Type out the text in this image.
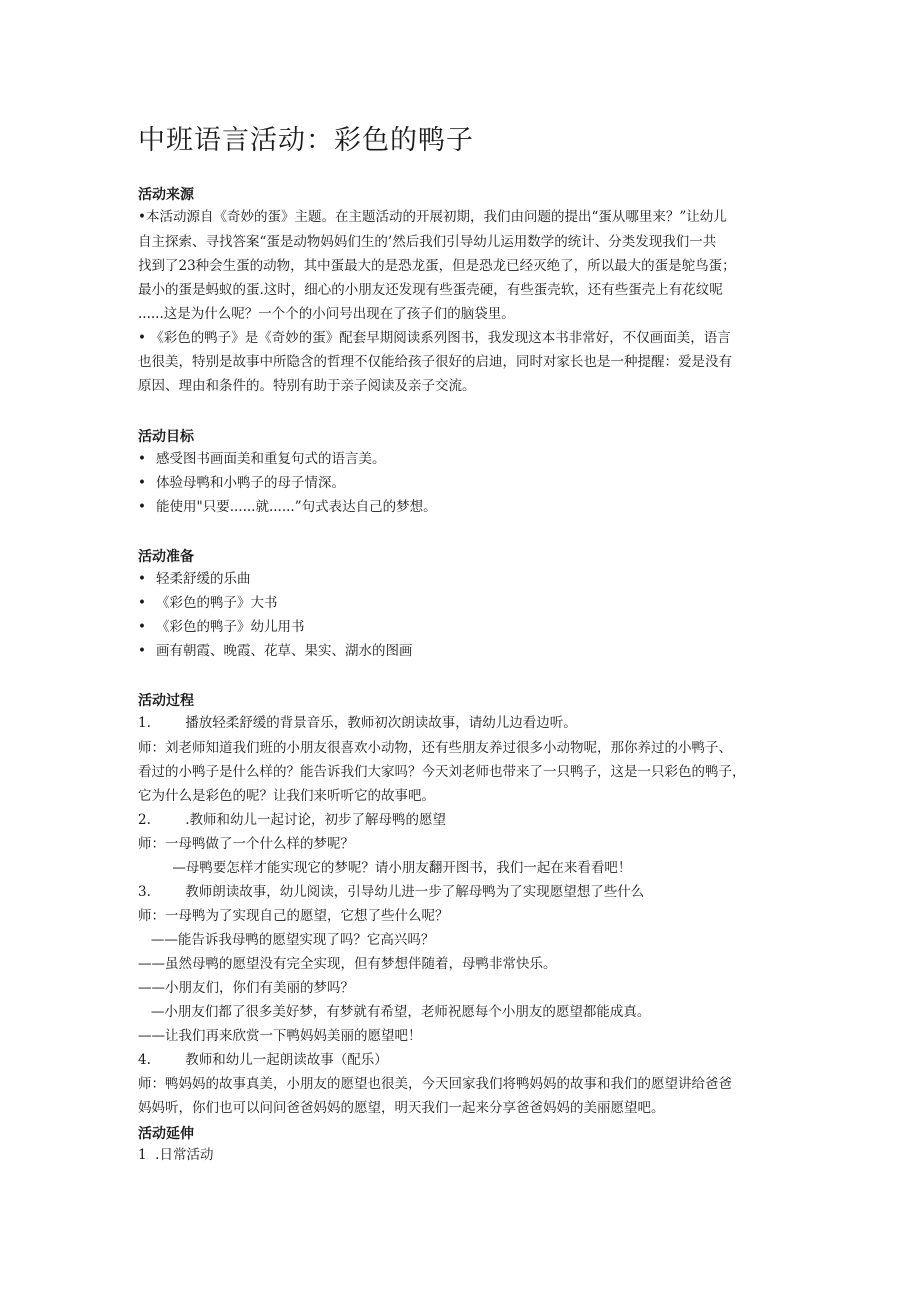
中班语言活动：彩色的鸭子
活动来源
•本活动源自《奇妙的蛋》主题。在主题活动的开展初期，我们由问题的提出“蛋从哪里来？”让幼儿
自主探索、寻找答案“蛋是动物妈妈们生的’然后我们引导幼儿运用数学的统计、分类发现我们一共
找到了23种会生蛋的动物，其中蛋最大的是恐龙蛋，但是恐龙已经灭绝了，所以最大的蛋是鸵鸟蛋；
最小的蛋是蚂蚁的蛋.这时，细心的小朋友还发现有些蛋壳硬，有些蛋壳软，还有些蛋壳上有花纹呢
......这是为什么呢？一个个的小问号出现在了孩子们的脑袋里。
• 《彩色的鸭子》是《奇妙的蛋》配套早期阅读系列图书，我发现这本书非常好，不仅画面美，语言
也很美，特别是故事中所隐含的哲理不仅能给孩子很好的启迪，同时对家长也是一种提醒：爱是没有
原因、理由和条件的。特别有助于亲子阅读及亲子交流。
活动目标
• 感受图书画面美和重复句式的语言美。
• 体验母鸭和小鸭子的母子情深。
• 能使用"只要......就......”句式表达自己的梦想。
活动准备
• 轻柔舒缓的乐曲
• 《彩色的鸭子》大书
• 《彩色的鸭子》幼儿用书
• 画有朝霞、晚霞、花草、果实、湖水的图画
活动过程
1.        播放轻柔舒缓的背景音乐，教师初次朗读故事，请幼儿边看边听。
师：刘老师知道我们班的小朋友很喜欢小动物，还有些朋友养过很多小动物呢，那你养过的小鸭子、
看过的小鸭子是什么样的？能告诉我们大家吗？今天刘老师也带来了一只鸭子，这是一只彩色的鸭子，
它为什么是彩色的呢？让我们来听听它的故事吧。
2.        .教师和幼儿一起讨论，初步了解母鸭的愿望
师：一母鸭做了一个什么样的梦呢？
—母鸭要怎样才能实现它的梦呢？请小朋友翻开图书，我们一起在来看看吧！
3.        教师朗读故事，幼儿阅读，引导幼儿进一步了解母鸭为了实现愿望想了些什么
师：一母鸭为了实现自己的愿望，它想了些什么呢？
——能告诉我母鸭的愿望实现了吗？它高兴吗？
——虽然母鸭的愿望没有完全实现，但有梦想伴随着，母鸭非常快乐。
——小朋友们，你们有美丽的梦吗？
—小朋友们都了很多美好梦，有梦就有希望，老师祝愿每个小朋友的愿望都能成真。
——让我们再来欣赏一下鸭妈妈美丽的愿望吧！
4.        教师和幼儿一起朗读故事（配乐）
师：鸭妈妈的故事真美，小朋友的愿望也很美，今天回家我们将鸭妈妈的故事和我们的愿望讲给爸爸
妈妈听，你们也可以问问爸爸妈妈的愿望，明天我们一起来分享爸爸妈妈的美丽愿望吧。
活动延伸
1  .日常活动
